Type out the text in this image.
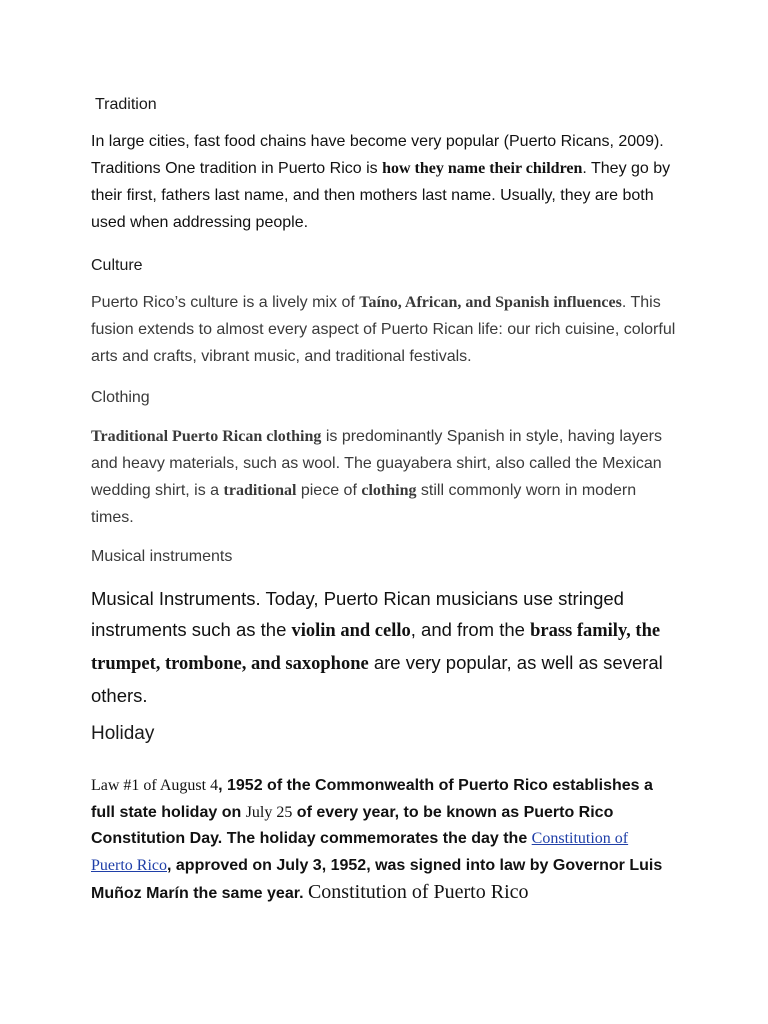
Tradition
In large cities, fast food chains have become very popular (Puerto Ricans, 2009). Traditions One tradition in Puerto Rico is how they name their children. They go by their first, fathers last name, and then mothers last name. Usually, they are both used when addressing people.
Culture
Puerto Rico’s culture is a lively mix of Taíno, African, and Spanish influences. This fusion extends to almost every aspect of Puerto Rican life: our rich cuisine, colorful arts and crafts, vibrant music, and traditional festivals.
Clothing
Traditional Puerto Rican clothing is predominantly Spanish in style, having layers and heavy materials, such as wool. The guayabera shirt, also called the Mexican wedding shirt, is a traditional piece of clothing still commonly worn in modern times.
Musical instruments
Musical Instruments. Today, Puerto Rican musicians use stringed instruments such as the violin and cello, and from the brass family, the trumpet, trombone, and saxophone are very popular, as well as several others.
Holiday
Law #1 of August 4, 1952 of the Commonwealth of Puerto Rico establishes a full state holiday on July 25 of every year, to be known as Puerto Rico Constitution Day. The holiday commemorates the day the Constitution of Puerto Rico, approved on July 3, 1952, was signed into law by Governor Luis Muñoz Marín the same year. Constitution of Puerto Rico
